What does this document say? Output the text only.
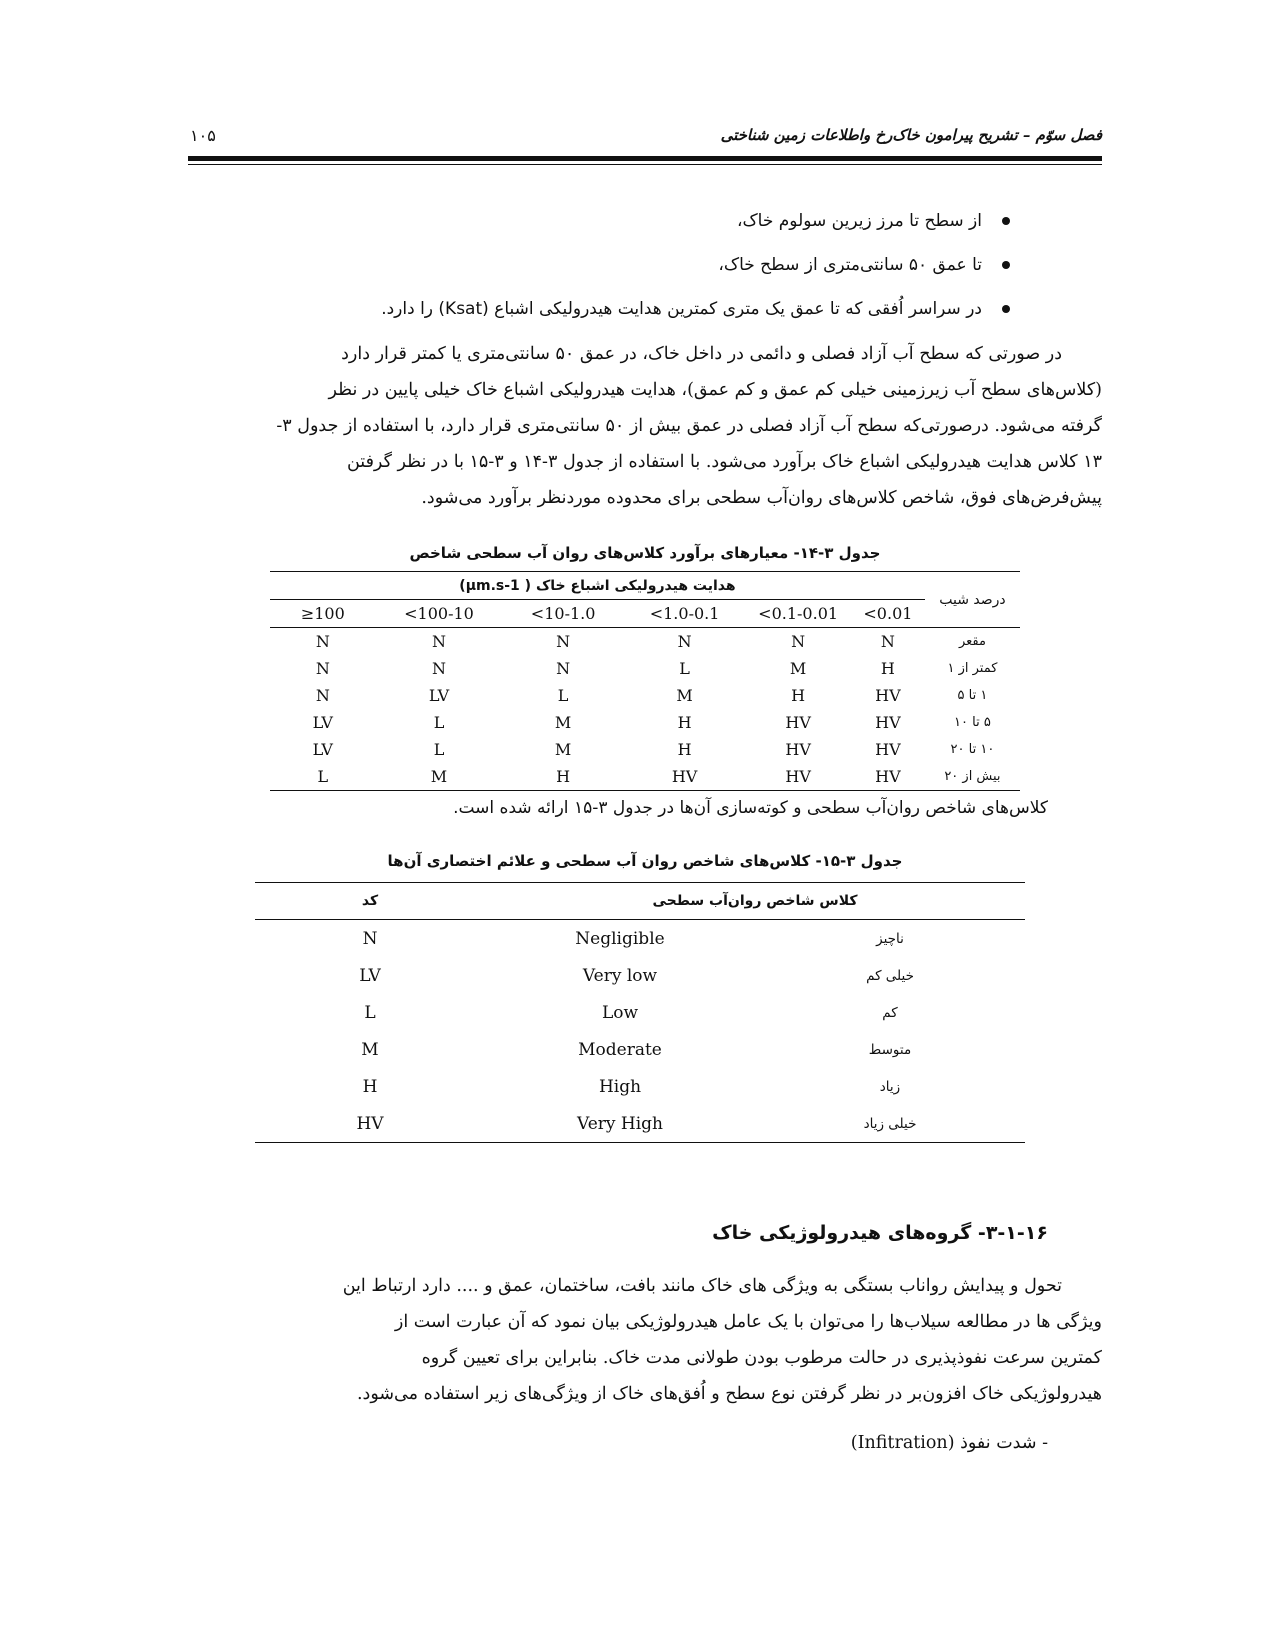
فصل سوّم – تشریح پیرامون خاک‌رخ واطلاعات زمین شناختی
۱۰۵
از سطح تا مرز زیرین سولوم خاک،
تا عمق ۵۰ سانتی‌متری از سطح خاک،
در سراسر اُفقی که تا عمق یک متری کمترین هدایت هیدرولیکی اشباع (Ksat) را دارد.
در صورتی که سطح آب آزاد فصلی و دائمی در داخل خاک، در عمق ۵۰ سانتی‌متری یا کمتر قرار دارد
(کلاس‌های سطح آب زیرزمینی خیلی کم عمق و کم عمق)، هدایت هیدرولیکی اشباع خاک خیلی پایین در نظر
گرفته می‌شود. درصورتی‌که سطح آب آزاد فصلی در عمق بیش از ۵۰ سانتی‌متری قرار دارد، با استفاده از جدول ۳-
۱۳ کلاس هدایت هیدرولیکی اشباع خاک برآورد می‌شود. با استفاده از جدول ۳-۱۴ و ۳-۱۵ با در نظر گرفتن
پیش‌فرض‌های فوق، شاخص کلاس‌های روان‌آب سطحی برای محدوده موردنظر برآورد می‌شود.
جدول ۳-۱۴- معیارهای برآورد کلاس‌های روان آب سطحی شاخص
هدایت هیدرولیکی اشباع خاک ( µm.s-1)						درصد شیب
≥100	<100-10	<10-1.0	<1.0-0.1	<0.1-0.01	<0.01	
N	N	N	N	N	N	مقعر
N	N	N	L	M	H	کمتر از ۱
N	LV	L	M	H	HV	۱ تا ۵
LV	L	M	H	HV	HV	۵ تا ۱۰
LV	L	M	H	HV	HV	۱۰ تا ۲۰
L	M	H	HV	HV	HV	بیش از ۲۰
کلاس‌های شاخص روان‌آب سطحی و کوته‌سازی آن‌ها در جدول ۳-۱۵ ارائه شده است.
جدول ۳-۱۵- کلاس‌های شاخص روان آب سطحی و علائم اختصاری آن‌ها
کد	کلاس شاخص روان‌آب سطحی	
N	Negligible	ناچیز
LV	Very low	خیلی کم
L	Low	کم
M	Moderate	متوسط
H	High	زیاد
HV	Very High	خیلی زیاد
۳-۱-۱۶- گروه‌های هیدرولوژیکی خاک
تحول و پیدایش رواناب بستگی به ویژگی های خاک مانند بافت، ساختمان، عمق و .... دارد ارتباط این
ویژگی ها در مطالعه سیلاب‌ها را می‌توان با یک عامل هیدرولوژیکی بیان نمود که آن عبارت است از
کمترین سرعت نفوذپذیری در حالت مرطوب بودن طولانی مدت خاک. بنابراین برای تعیین گروه
هیدرولوژیکی خاک افزون‌بر در نظر گرفتن نوع سطح و اُفق‌های خاک از ویژگی‌های زیر استفاده می‌شود.
- شدت نفوذ (Infitration)
